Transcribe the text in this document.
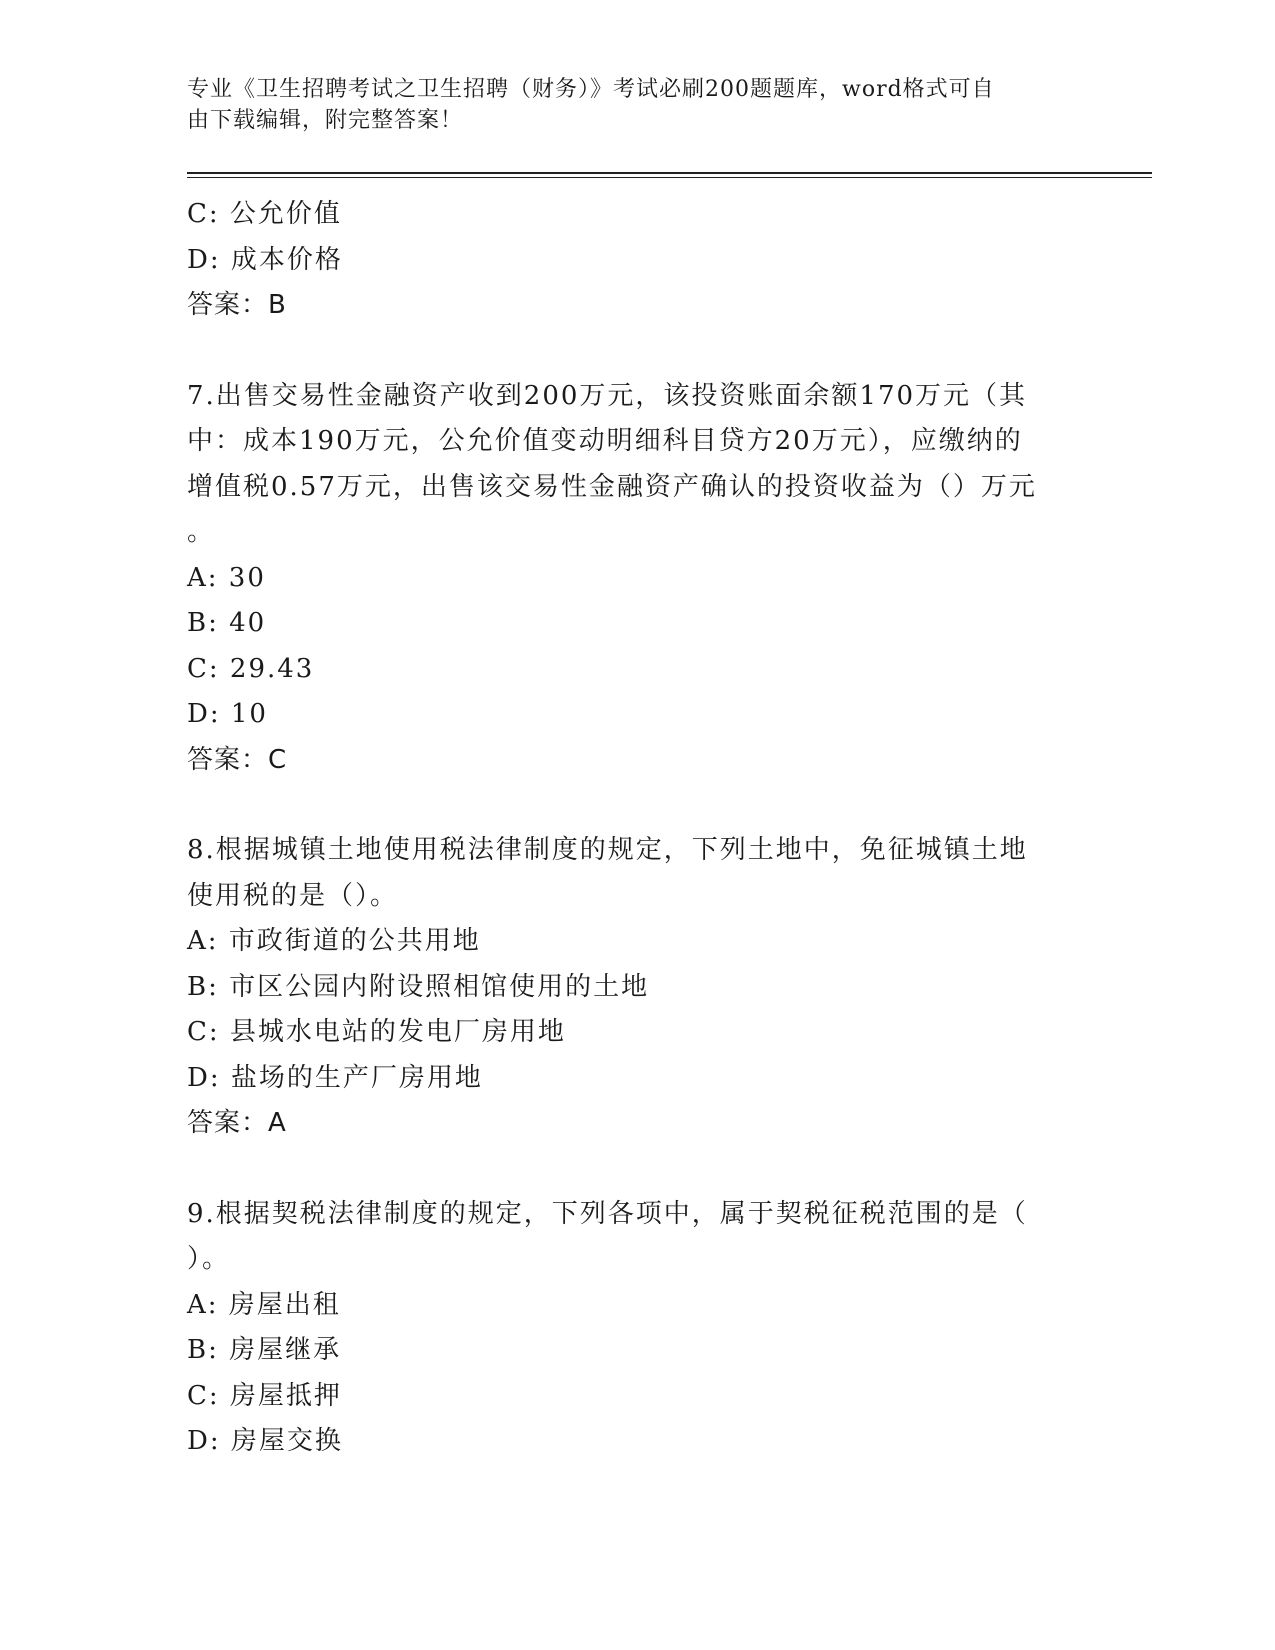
专业《卫生招聘考试之卫生招聘（财务）》考试必刷200题题库，word格式可自
由下载编辑，附完整答案！
C: 公允价值
D: 成本价格
答案：B
7.出售交易性金融资产收到200万元，该投资账面余额170万元（其
中：成本190万元，公允价值变动明细科目贷方20万元），应缴纳的
增值税0.57万元，出售该交易性金融资产确认的投资收益为（）万元
。
A: 30
B: 40
C: 29.43
D: 10
答案：C
8.根据城镇土地使用税法律制度的规定，下列土地中，免征城镇土地
使用税的是（）。
A: 市政街道的公共用地
B: 市区公园内附设照相馆使用的土地
C: 县城水电站的发电厂房用地
D: 盐场的生产厂房用地
答案：A
9.根据契税法律制度的规定，下列各项中，属于契税征税范围的是（
）。
A: 房屋出租
B: 房屋继承
C: 房屋抵押
D: 房屋交换
